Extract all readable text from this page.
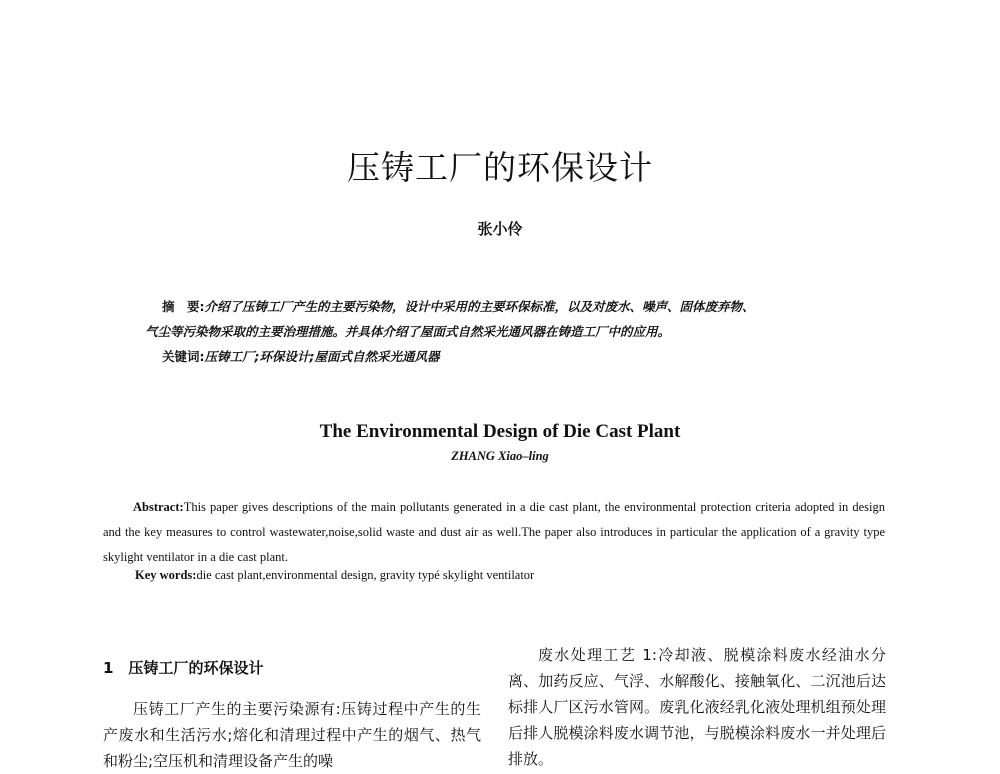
压铸工厂的环保设计
张小伶
摘　要:介绍了压铸工厂产生的主要污染物，设计中采用的主要环保标准，以及对废水、噪声、固体废弃物、
气尘等污染物采取的主要治理措施。并具体介绍了屋面式自然采光通风器在铸造工厂中的应用。
关键词:压铸工厂;环保设计;屋面式自然采光通风器
The Environmental Design of Die Cast Plant
ZHANG Xiao–ling
Abstract:This paper gives descriptions of the main pollutants generated in a die cast plant, the environmental protection criteria adopted in design and the key measures to control wastewater,noise,solid waste and dust air as well.The paper also introduces in particular the application of a gravity type skylight ventilator in a die cast plant.
Key words:die cast plant,environmental design, gravity typé skylight ventilator
1　压铸工厂的环保设计
压铸工厂产生的主要污染源有:压铸过程中产生的生产废水和生活污水;熔化和清理过程中产生的烟气、热气和粉尘;空压机和清理设备产生的噪
废水处理工艺 1:冷却液、脱模涂料废水经油水分离、加药反应、气浮、水解酸化、接触氧化、二沉池后达标排人厂区污水管网。废乳化液经乳化液处理机组预处理后排人脱模涂料废水调节池，与脱模涂料废水一并处理后排放。
